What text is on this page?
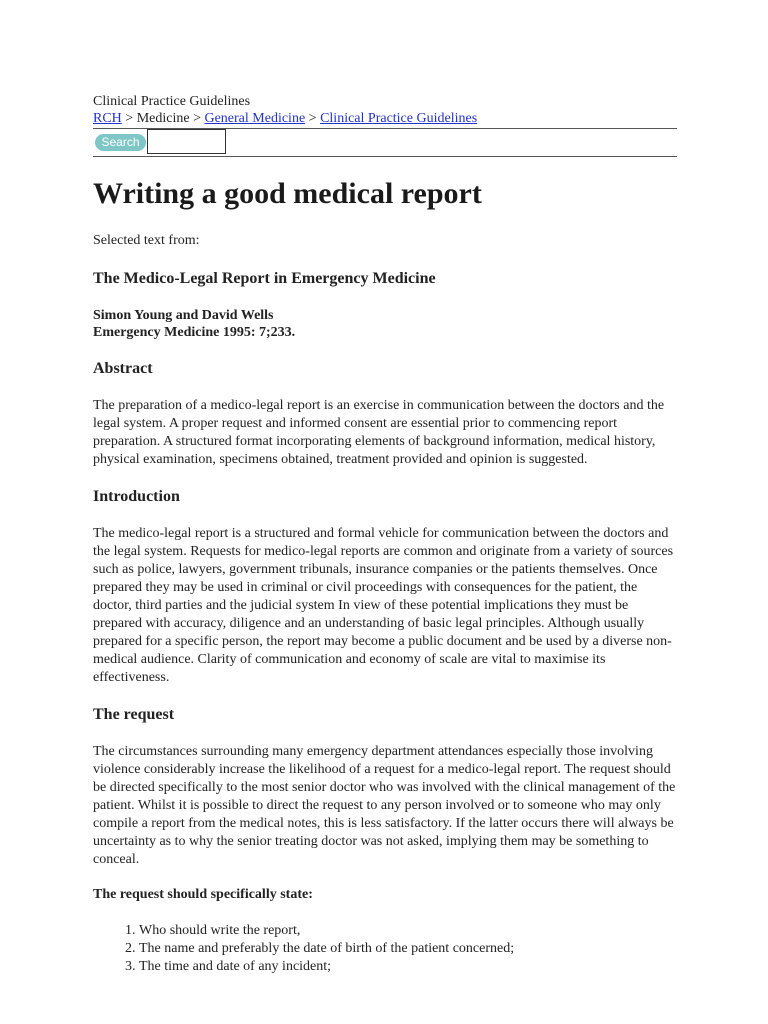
Clinical Practice Guidelines
RCH > Medicine > General Medicine > Clinical Practice Guidelines
Search
Writing a good medical report
Selected text from:
The Medico-Legal Report in Emergency Medicine
Simon Young and David Wells
Emergency Medicine 1995: 7;233.
Abstract

The preparation of a medico-legal report is an exercise in communication between the doctors and the legal system. A proper request and informed consent are essential prior to commencing report preparation. A structured format incorporating elements of background information, medical history, physical examination, specimens obtained, treatment provided and opinion is suggested.

Introduction

The medico-legal report is a structured and formal vehicle for communication between the doctors and the legal system. Requests for medico-legal reports are common and originate from a variety of sources such as police, lawyers, government tribunals, insurance companies or the patients themselves. Once prepared they may be used in criminal or civil proceedings with consequences for the patient, the doctor, third parties and the judicial system In view of these potential implications they must be prepared with accuracy, diligence and an understanding of basic legal principles. Although usually prepared for a specific person, the report may become a public document and be used by a diverse non-medical audience. Clarity of communication and economy of scale are vital to maximise its effectiveness.

The request

The circumstances surrounding many emergency department attendances especially those involving violence considerably increase the likelihood of a request for a medico-legal report. The request should be directed specifically to the most senior doctor who was involved with the clinical management of the patient. Whilst it is possible to direct the request to any person involved or to someone who may only compile a report from the medical notes, this is less satisfactory. If the latter occurs there will always be uncertainty as to why the senior treating doctor was not asked, implying them may be something to conceal.

The request should specifically state:

1. Who should write the report,
2. The name and preferably the date of birth of the patient concerned;
3. The time and date of any incident;
